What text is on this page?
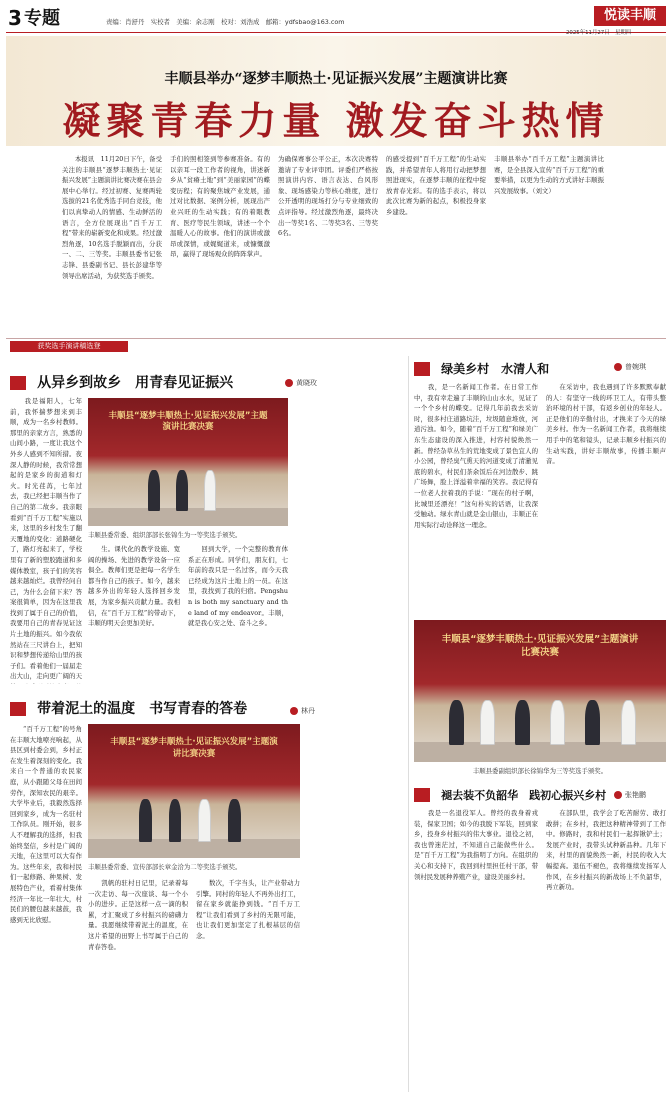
3 专题	责编：肖舒丹　实校者　美编：余志刚　校对：刘浩成　邮箱：ydfsbao@163.com	悦读丰顺
2025年11月27日　星期四
丰顺县举办“逐梦丰顺热土·见证振兴发展”主题演讲比赛
凝聚青春力量 激发奋斗热情
　　本报讯　11月20日下午，备受关注的丰顺县“逐梦丰顺热土·见证振兴发展”主题演讲比赛决赛在县会展中心举行。经过初赛、复赛两轮选拔的21名优秀选手同台竞技，他们以真挚动人的情感、生动鲜活的语言，全方位展现出“百千万工程”带来的崭新变化和成果。经过激烈角逐，10名选手脱颖而出，分获一、二、三等奖。丰顺县委书记张志锋、县委副书记、县长彭建华等领导出席活动，为获奖选手颁奖。
手们的照相签到等参赛准备。有的以亲耳一段工作者的视角，讲述新乡从“贫瘠土地”到“美丽家园”的蝶变历程；有的聚焦城产业发展，通过对比数据、案例分析，展现出产业兴旺的生动实践；有的着眼教育、医疗等民生领域，讲述一个个温暖人心的故事。他们的演讲或激昂或深情，或娓娓道来，或慷慨激昂，赢得了现场观众的阵阵掌声。
为确保赛事公平公正，本次决赛特邀请了专业评审团。评委们严格按照演讲内容、语言表达、台风形象、现场感染力等核心维度，进行公开透明的现场打分与专业细致的点评指导。经过激烈角逐，最终决出一等奖1名、二等奖3名、三等奖6名。
的感受提到“百千万工程”的生动实践，并希望青年人将用行动把梦想照进现实，在逐梦丰顺的征程中绽放青春光彩。有的选手表示，将以此次比赛为新的起点，积极投身家乡建设。
丰顺县举办“百千万工程”主题演讲比赛，是全县深入宣传“百千万工程”的重要举措，以更为生动的方式讲好丰顺振兴发展故事。（刘文）
获奖选手演讲稿选登
从异乡到故乡　用青春见证振兴	黄晓玫
　　我是福阳人，七年前，我怀揣梦想来到丰顺，成为一名乡村教师。那里的亲家方言，熟悉的山间小路，一度让我这个外乡人感到不知所措。夜深人静的时候，我常常想起的是家乡的街道和灯火。时光荏苒，七年过去，我已经把丰顺当作了自己的第二故乡。我亲眼看到“百千万工程”实施以来，这里的乡村发生了翻天覆地的变化：道路硬化了，路灯亮起来了，学校里有了新的塑胶跑道和多媒体教室，孩子们的笑容越来越灿烂。我曾经问自己，为什么会留下来？答案很简单，因为在这里我找到了属于自己的价值，我要用自己的青春见证这片土地的振兴。如今我依然站在三尺讲台上，把知识和梦想传递给山里的孩子们。看着他们一届届走出大山，走向更广阔的天
丰顺县“逐梦丰顺热土·见证振兴发展”主题演讲比赛决赛
丰顺县委常委、组织部部长张锦生为一等奖选手颁奖。
　　生。课代化的教学设施、宽阔的操场、先进的教学设备一应俱全。教师们更是把每一名学生都当作自己的孩子。如今，越来越多外出的年轻人选择回乡发展，为家乡振兴贡献力量。我相信，在“百千万工程”的带动下，丰顺的明天会更加美好。
　　回到大学，一个完整的教育体系正在形成。同学们，朋友们，七年前的我只是一名过客，而今天我已经成为这片土地上的一员。在这里，我找到了我的归宿。Pengshun is both my sanctuary and the land of my endeavor。丰顺，就是我心安之处、奋斗之乡。
绿美乡村　水清人和	曾婉琪
　　我，是一名新闻工作者。在日常工作中，我有幸走遍了丰顺的山山水水，见证了一个个乡村的蝶变。记得几年前我去采访时，很多村庄道路坑洼，垃圾随意堆放，河道污浊。如今，随着“百千万工程”和绿美广东生态建设的深入推进，村容村貌焕然一新。曾经杂草丛生的荒地变成了景色宜人的小公园，曾经臭气熏天的河道变成了清澈见底的碧水，村民们茶余饭后在河边散步、跳广场舞，脸上洋溢着幸福的笑容。我记得有一位老人拉着我的手说：“现在的村子啊，比城里还漂亮！”这句朴实的话语，让我深受触动。绿水青山就是金山银山，丰顺正在用实际行动诠释这一理念。
　　在采访中，我也遇到了许多默默奉献的人：有坚守一线的环卫工人，有带头整治环境的村干部，有返乡创业的年轻人。正是他们的辛勤付出，才换来了今天的绿美乡村。作为一名新闻工作者，我将继续用手中的笔和镜头，记录丰顺乡村振兴的生动实践，讲好丰顺故事，传播丰顺声音。
丰顺县“逐梦丰顺热土·见证振兴发展”主题演讲比赛决赛
丰顺县委副组织部长徐锦华为三等奖选手颁奖。
带着泥土的温度　书写青春的答卷	林丹
　　“百千万工程”的号角在丰顺大地嘹亮响起，从县区到村委会到，乡村正在发生着深刻的变化。我来自一个普通的农民家庭，从小跟随父母在田间劳作，深知农民的艰辛。大学毕业后，我毅然选择回到家乡，成为一名驻村工作队员。刚开始，很多人不理解我的选择，但我始终坚信，乡村是广阔的天地，在这里可以大有作为。这些年来，我和村民们一起修路、种果树、发展特色产业，看着村集体经济一年比一年壮大，村民们的腰包越来越鼓，我感到无比欣慰。
丰顺县“逐梦丰顺热土·见证振兴发展”主题演讲比赛决赛
丰顺县委常委、宣传部部长章金洽为二等奖选手颁奖。
　　凯帆的驻村日记里，记录着每一次走访、每一次座谈、每一个小小的进步。正是这样一点一滴的积累，才汇聚成了乡村振兴的磅礴力量。我愿继续带着泥土的温度，在这片希望的田野上书写属于自己的青春答卷。
　　数次，千字当头，让产业带动力引擎。同村的年轻人不再外出打工，留在家乡就能挣到钱。“百千万工程”让我们看到了乡村的无限可能，也让我们更加坚定了扎根基层的信念。
褪去装不负韶华　践初心振兴乡村	张艳鹏
　　我是一名退役军人。曾经的我身着戎装，保家卫国；如今的我脱下军装，回到家乡，投身乡村振兴的伟大事业。退役之初，我也曾迷茫过，不知道自己能做些什么。是“百千万工程”为我指明了方向。在组织的关心和支持下，我回到村里担任村干部，带领村民发展种养殖产业，建设美丽乡村。
　　在部队里，我学会了吃苦耐劳、敢打敢拼；在乡村，我把这种精神带到了工作中。修路时，我和村民们一起挥锹铲土；发展产业时，我带头试种新品种。几年下来，村里的面貌焕然一新，村民的收入大幅提高。退伍不褪色，我将继续发扬军人作风，在乡村振兴的新战场上不负韶华，再立新功。
